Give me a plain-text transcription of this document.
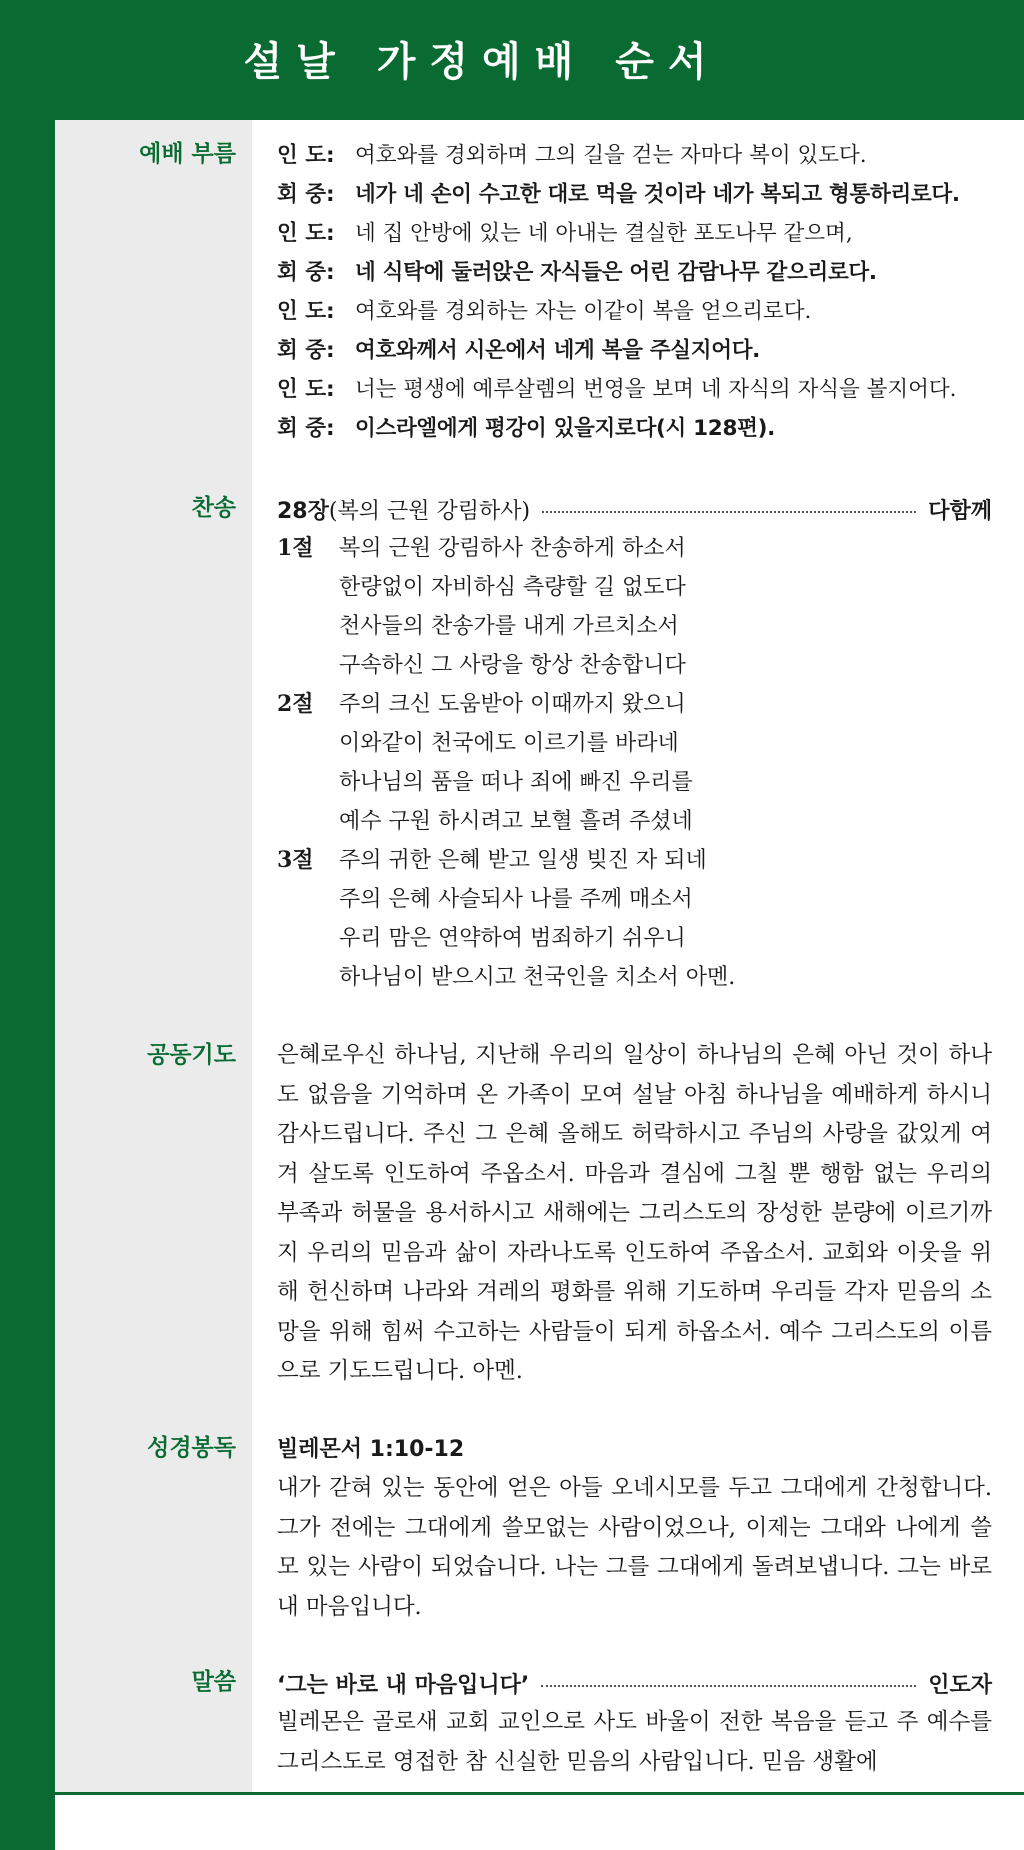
설날 가정예배 순서
예배 부름 인 도: 여호와를 경외하며 그의 길을 걷는 자마다 복이 있도다.
회 중: 네가 네 손이 수고한 대로 먹을 것이라 네가 복되고 형통하리로다.
인 도: 네 집 안방에 있는 네 아내는 결실한 포도나무 같으며,
회 중: 네 식탁에 둘러앉은 자식들은 어린 감람나무 같으리로다.
인 도: 여호와를 경외하는 자는 이같이 복을 얻으리로다.
회 중: 여호와께서 시온에서 네게 복을 주실지어다.
인 도: 너는 평생에 예루살렘의 번영을 보며 네 자식의 자식을 볼지어다.
회 중: 이스라엘에게 평강이 있을지로다(시 128편).
찬송 28장 (복의 근원 강림하사)	다함께
1절	복의 근원 강림하사 찬송하게 하소서
한량없이 자비하심 측량할 길 없도다
천사들의 찬송가를 내게 가르치소서
구속하신 그 사랑을 항상 찬송합니다
2절	주의 크신 도움받아 이때까지 왔으니
이와같이 천국에도 이르기를 바라네
하나님의 품을 떠나 죄에 빠진 우리를
예수 구원 하시려고 보혈 흘려 주셨네
3절	주의 귀한 은혜 받고 일생 빚진 자 되네
주의 은혜 사슬되사 나를 주께 매소서
우리 맘은 연약하여 범죄하기 쉬우니
하나님이 받으시고 천국인을 치소서 아멘.
공동기도 은혜로우신 하나님, 지난해 우리의 일상이 하나님의 은혜 아닌 것이 하나도 없음을 기억하며 온 가족이 모여 설날 아침 하나님을 예배하게 하시니 감사드립니다. 주신 그 은혜 올해도 허락하시고 주님의 사랑을 값있게 여겨 살도록 인도하여 주옵소서. 마음과 결심에 그칠 뿐 행함 없는 우리의 부족과 허물을 용서하시고 새해에는 그리스도의 장성한 분량에 이르기까지 우리의 믿음과 삶이 자라나도록 인도하여 주옵소서. 교회와 이웃을 위해 헌신하며 나라와 겨레의 평화를 위해 기도하며 우리들 각자 믿음의 소망을 위해 힘써 수고하는 사람들이 되게 하옵소서. 예수 그리스도의 이름으로 기도드립니다. 아멘.
성경봉독 빌레몬서 1:10-12
내가 갇혀 있는 동안에 얻은 아들 오네시모를 두고 그대에게 간청합니다. 그가 전에는 그대에게 쓸모없는 사람이었으나, 이제는 그대와 나에게 쓸모 있는 사람이 되었습니다. 나는 그를 그대에게 돌려보냅니다. 그는 바로 내 마음입니다.
말씀 ‘그는 바로 내 마음입니다’	인도자
빌레몬은 골로새 교회 교인으로 사도 바울이 전한 복음을 듣고 주 예수를 그리스도로 영접한 참 신실한 믿음의 사람입니다. 믿음 생활에
